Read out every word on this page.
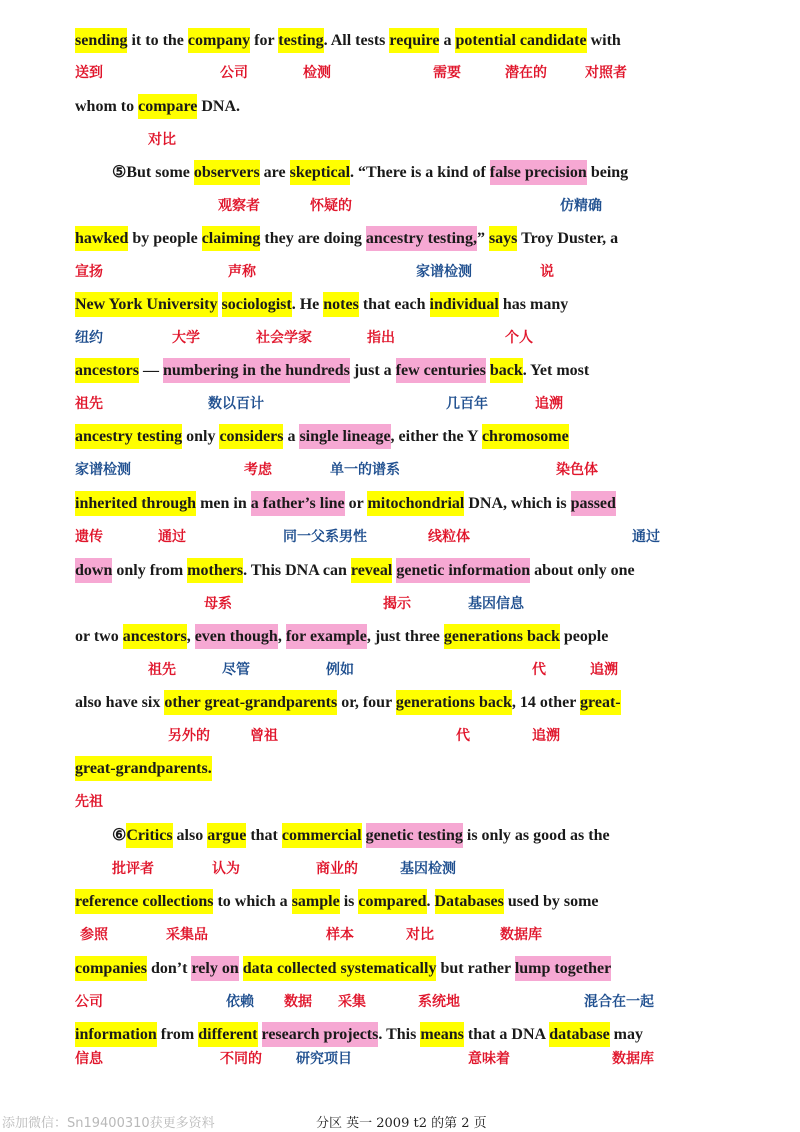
sending it to the company for testing. All tests require a potential candidate with
送到	公司	检测	需要	潜在的	对照者
whom to compare DNA.
对比
⑤But some observers are skeptical. “There is a kind of false precision being
观察者	怀疑的	仿精确
hawked by people claiming they are doing ancestry testing,” says Troy Duster, a
宣扬	声称	家谱检测	说
New York University sociologist. He notes that each individual has many
纽约	大学	社会学家	指出	个人
ancestors — numbering in the hundreds just a few centuries back. Yet most
祖先	数以百计	几百年	追溯
ancestry testing only considers a single lineage, either the Y chromosome
家谱检测	考虑	单一的谱系	染色体
inherited through men in a father’s line or mitochondrial DNA, which is passed
遗传	通过	同一父系男性	线粒体	通过
down only from mothers. This DNA can reveal genetic information about only one
母系	揭示	基因信息
or two ancestors, even though, for example, just three generations back people
祖先	尽管	例如	代	追溯
also have six other great-grandparents or, four generations back, 14 other great-
另外的	曾祖	代	追溯
great-grandparents.
先祖
⑥Critics also argue that commercial genetic testing is only as good as the
批评者	认为	商业的	基因检测
reference collections to which a sample is compared. Databases used by some
参照	采集品	样本	对比	数据库
companies don’t rely on data collected systematically but rather lump together
公司	依赖 数据 采集	系统地	混合在一起
information from different research projects. This means that a DNA database may
信息	不同的 研究项目	意味着	数据库
添加微信：Sn19400310获更多资料	分区 英一 2009 t2 的第 2 页
